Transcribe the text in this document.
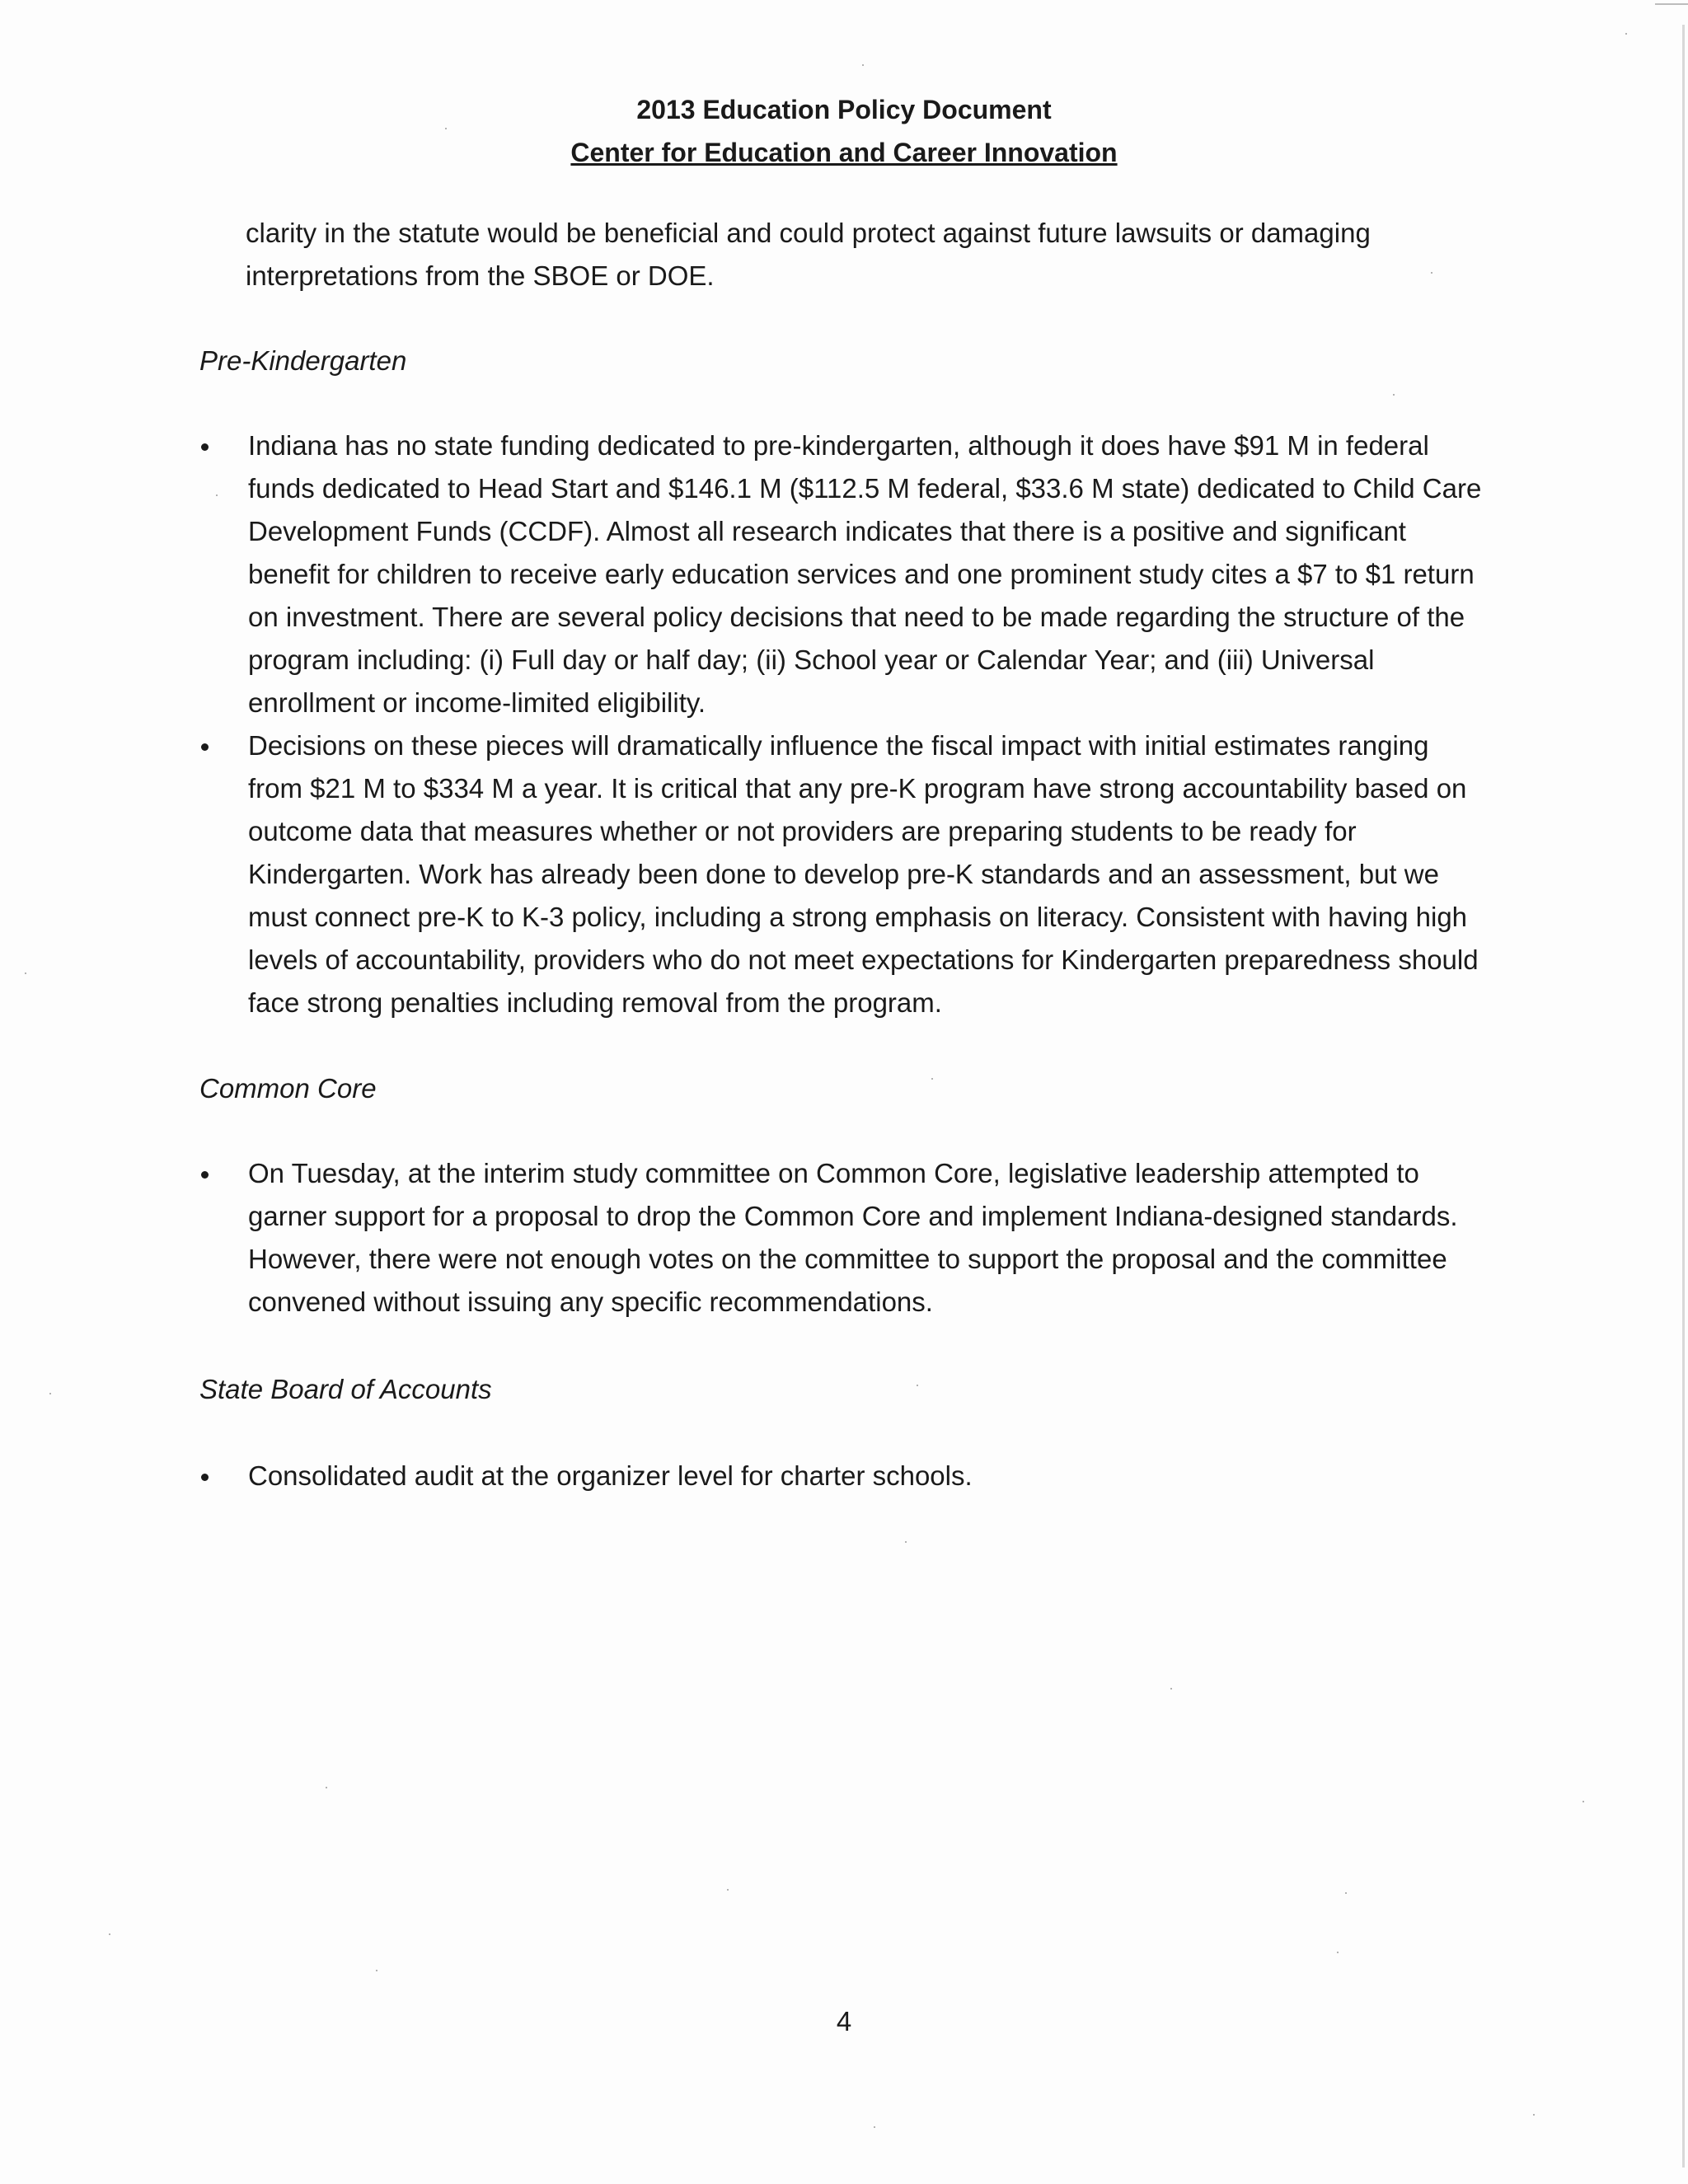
2013 Education Policy Document
Center for Education and Career Innovation

clarity in the statute would be beneficial and could protect against future lawsuits or damaging interpretations from the SBOE or DOE.

Pre-Kindergarten

Indiana has no state funding dedicated to pre-kindergarten, although it does have $91 M in federal funds dedicated to Head Start and $146.1 M ($112.5 M federal, $33.6 M state) dedicated to Child Care Development Funds (CCDF). Almost all research indicates that there is a positive and significant benefit for children to receive early education services and one prominent study cites a $7 to $1 return on investment. There are several policy decisions that need to be made regarding the structure of the program including: (i) Full day or half day; (ii) School year or Calendar Year; and (iii) Universal enrollment or income-limited eligibility.
Decisions on these pieces will dramatically influence the fiscal impact with initial estimates ranging from $21 M to $334 M a year. It is critical that any pre-K program have strong accountability based on outcome data that measures whether or not providers are preparing students to be ready for Kindergarten. Work has already been done to develop pre-K standards and an assessment, but we must connect pre-K to K-3 policy, including a strong emphasis on literacy. Consistent with having high levels of accountability, providers who do not meet expectations for Kindergarten preparedness should face strong penalties including removal from the program.

Common Core

On Tuesday, at the interim study committee on Common Core, legislative leadership attempted to garner support for a proposal to drop the Common Core and implement Indiana-designed standards. However, there were not enough votes on the committee to support the proposal and the committee convened without issuing any specific recommendations.

State Board of Accounts

Consolidated audit at the organizer level for charter schools.
4
